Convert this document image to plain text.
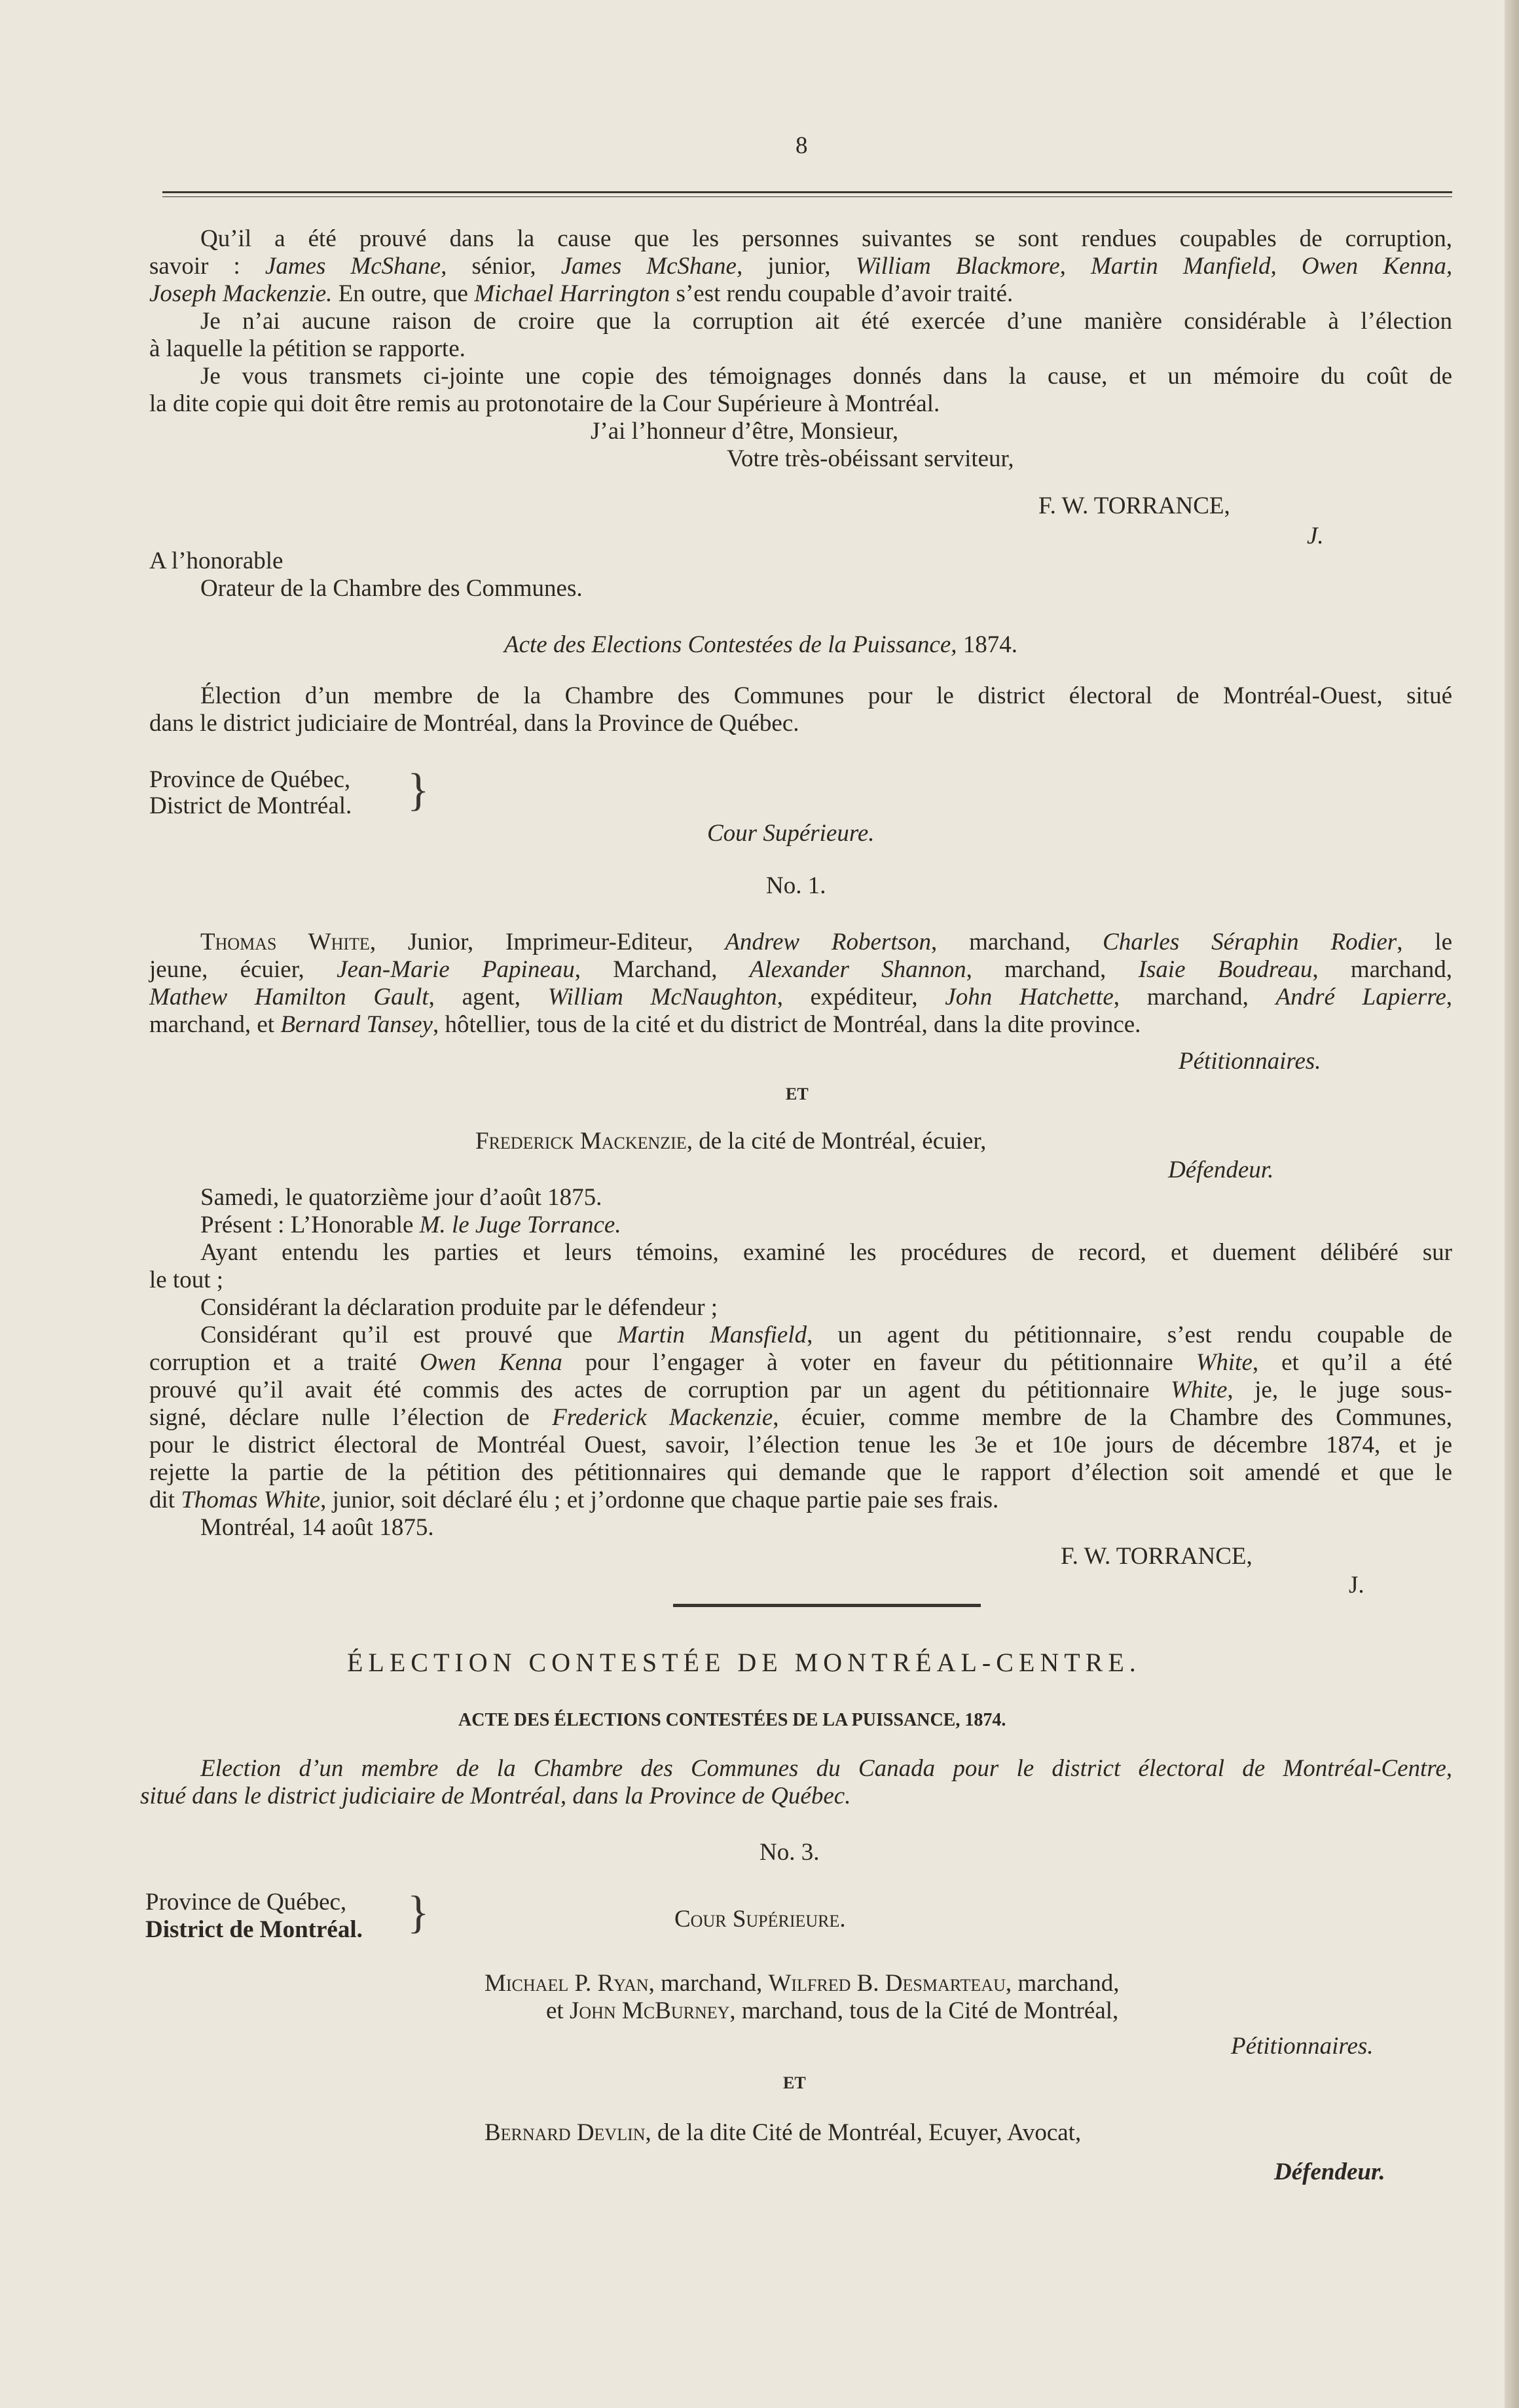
8
Qu’il a été prouvé dans la cause que les personnes suivantes se sont rendues coupables de corruption,
savoir : James McShane, sénior, James McShane, junior, William Blackmore, Martin Manfield, Owen Kenna,
Joseph Mackenzie. En outre, que Michael Harrington s’est rendu coupable d’avoir traité.
Je n’ai aucune raison de croire que la corruption ait été exercée d’une manière considérable à l’élection
à laquelle la pétition se rapporte.
Je vous transmets ci-jointe une copie des témoignages donnés dans la cause, et un mémoire du coût de
la dite copie qui doit être remis au protonotaire de la Cour Supérieure à Montréal.
J’ai l’honneur d’être, Monsieur,
Votre très-obéissant serviteur,
F. W. TORRANCE,
J.
A l’honorable
Orateur de la Chambre des Communes.
Acte des Elections Contestées de la Puissance, 1874.
Élection d’un membre de la Chambre des Communes pour le district électoral de Montréal-Ouest, situé
dans le district judiciaire de Montréal, dans la Province de Québec.
Province de Québec,
District de Montréal. }
Cour Supérieure.
No. 1.
Thomas White, Junior, Imprimeur-Editeur, Andrew Robertson, marchand, Charles Séraphin Rodier, le
jeune, écuier, Jean-Marie Papineau, Marchand, Alexander Shannon, marchand, Isaie Boudreau, marchand,
Mathew Hamilton Gault, agent, William McNaughton, expéditeur, John Hatchette, marchand, André Lapierre,
marchand, et Bernard Tansey, hôtellier, tous de la cité et du district de Montréal, dans la dite province.
Pétitionnaires.
ET
Frederick Mackenzie, de la cité de Montréal, écuier,
Défendeur.
Samedi, le quatorzième jour d’août 1875.
Présent : L’Honorable M. le Juge Torrance.
Ayant entendu les parties et leurs témoins, examiné les procédures de record, et duement délibéré sur
le tout ;
Considérant la déclaration produite par le défendeur ;
Considérant qu’il est prouvé que Martin Mansfield, un agent du pétitionnaire, s’est rendu coupable de
corruption et a traité Owen Kenna pour l’engager à voter en faveur du pétitionnaire White, et qu’il a été
prouvé qu’il avait été commis des actes de corruption par un agent du pétitionnaire White, je, le juge sous-
signé, déclare nulle l’élection de Frederick Mackenzie, écuier, comme membre de la Chambre des Communes,
pour le district électoral de Montréal Ouest, savoir, l’élection tenue les 3e et 10e jours de décembre 1874, et je
rejette la partie de la pétition des pétitionnaires qui demande que le rapport d’élection soit amendé et que le
dit Thomas White, junior, soit déclaré élu ; et j’ordonne que chaque partie paie ses frais.
Montréal, 14 août 1875.
F. W. TORRANCE,
J.
ÉLECTION CONTESTÉE DE MONTRÉAL-CENTRE.
ACTE DES ÉLECTIONS CONTESTÉES DE LA PUISSANCE, 1874.
Election d’un membre de la Chambre des Communes du Canada pour le district électoral de Montréal-Centre,
situé dans le district judiciaire de Montréal, dans la Province de Québec.
No. 3.
Province de Québec,
District de Montréal. }	Cour Supérieure.
Michael P. Ryan, marchand, Wilfred B. Desmarteau, marchand,
et John McBurney, marchand, tous de la Cité de Montréal,
Pétitionnaires.
ET
Bernard Devlin, de la dite Cité de Montréal, Ecuyer, Avocat,
Défendeur.
